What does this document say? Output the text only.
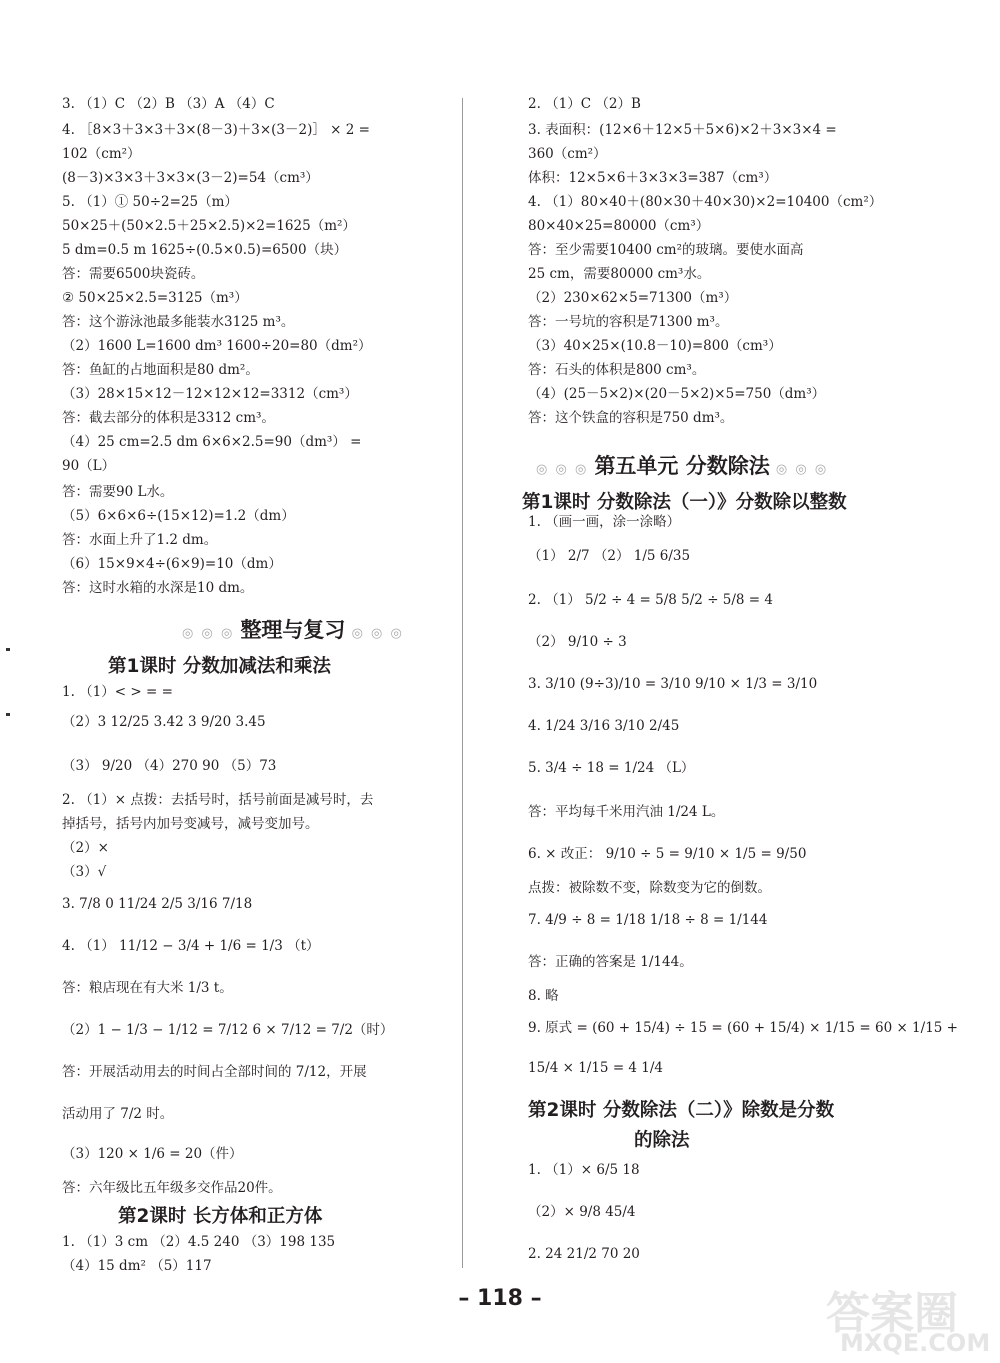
3. （1）C （2）B （3）A （4）C
4. ［8×3＋3×3＋3×(8－3)＋3×(3－2)］ × 2 =
102（cm²）
(8－3)×3×3＋3×3×(3－2)=54（cm³）
5. （1）① 50÷2=25（m）
50×25＋(50×2.5＋25×2.5)×2=1625（m²）
5 dm=0.5 m 1625÷(0.5×0.5)=6500（块）
答：需要6500块瓷砖。
② 50×25×2.5=3125（m³）
答：这个游泳池最多能装水3125 m³。
（2）1600 L=1600 dm³ 1600÷20=80（dm²）
答：鱼缸的占地面积是80 dm²。
（3）28×15×12－12×12×12=3312（cm³）
答：截去部分的体积是3312 cm³。
（4）25 cm=2.5 dm 6×6×2.5=90（dm³） =
90（L）
答：需要90 L水。
（5）6×6×6÷(15×12)=1.2（dm）
答：水面上升了1.2 dm。
（6）15×9×4÷(6×9)=10（dm）
答：这时水箱的水深是10 dm。
1. （1）< > = =
（2）3 12/25 3.42 3 9/20 3.45
（3） 9/20 （4）270 90 （5）73
2. （1）× 点拨：去括号时，括号前面是减号时，去
掉括号，括号内加号变减号，减号变加号。
（2）×
（3）√
3. 7/8 0 11/24 2/5 3/16 7/18
4. （1） 11/12 − 3/4 + 1/6 = 1/3 （t）
答：粮店现在有大米 1/3 t。
（2）1 − 1/3 − 1/12 = 7/12 6 × 7/12 = 7/2（时）
答：开展活动用去的时间占全部时间的 7/12，开展
活动用了 7/2 时。
（3）120 × 1/6 = 20（件）
答：六年级比五年级多交作品20件。
1. （1）3 cm （2）4.5 240 （3）198 135
（4）15 dm² （5）117
◎ ◎ ◎ 整理与复习 ◎ ◎ ◎
第1课时 分数加减法和乘法
第2课时 长方体和正方体
2. （1）C （2）B
3. 表面积：(12×6＋12×5＋5×6)×2＋3×3×4 =
360（cm²）
体积：12×5×6＋3×3×3=387（cm³）
4. （1）80×40＋(80×30＋40×30)×2=10400（cm²）
80×40×25=80000（cm³）
答：至少需要10400 cm²的玻璃。要使水面高
25 cm，需要80000 cm³水。
（2）230×62×5=71300（m³）
答：一号坑的容积是71300 m³。
（3）40×25×(10.8－10)=800（cm³）
答：石头的体积是800 cm³。
（4）(25－5×2)×(20－5×2)×5=750（dm³）
答：这个铁盒的容积是750 dm³。
1. （画一画，涂一涂略）
（1） 2/7 （2） 1/5 6/35
2. （1） 5/2 ÷ 4 = 5/8 5/2 ÷ 5/8 = 4
（2） 9/10 ÷ 3
3. 3/10 (9÷3)/10 = 3/10 9/10 × 1/3 = 3/10
4. 1/24 3/16 3/10 2/45
5. 3/4 ÷ 18 = 1/24 （L）
答：平均每千米用汽油 1/24 L。
6. × 改正： 9/10 ÷ 5 = 9/10 × 1/5 = 9/50
点拨：被除数不变，除数变为它的倒数。
7. 4/9 ÷ 8 = 1/18 1/18 ÷ 8 = 1/144
答：正确的答案是 1/144。
8. 略
9. 原式 = (60 + 15/4) ÷ 15 = (60 + 15/4) × 1/15 = 60 × 1/15 +
15/4 × 1/15 = 4 1/4
1. （1）× 6/5 18
（2）× 9/8 45/4
2. 24 21/2 70 20
◎ ◎ ◎ 第五单元 分数除法 ◎ ◎ ◎
第1课时 分数除法（一）》分数除以整数
第2课时 分数除法（二）》除数是分数
的除法
– 118 –	答案圈
MXQE.COM
